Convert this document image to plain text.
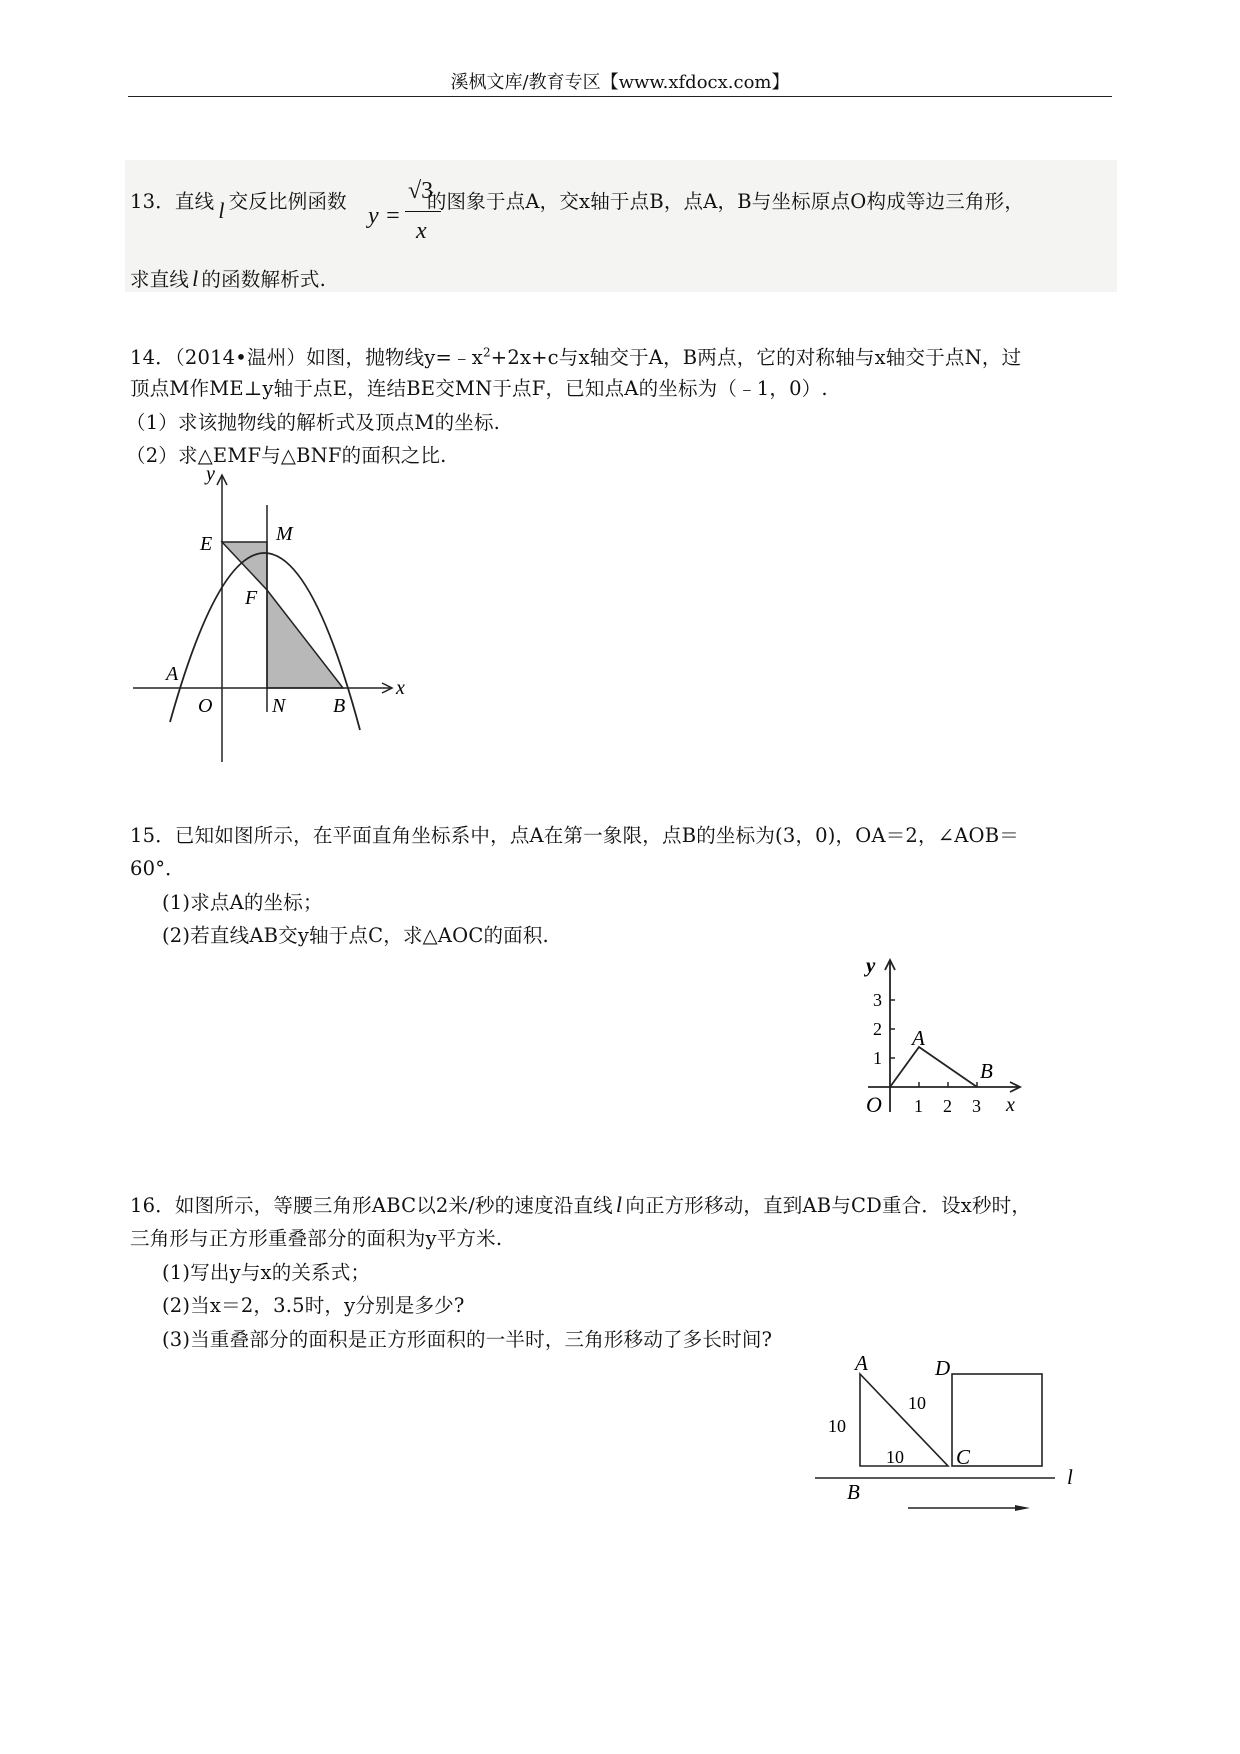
溪枫文库/教育专区【www.xfdocx.com】
13．直线 l 交反比例函数	的图象于点A，交x轴于点B，点A，B与坐标原点O构成等边三角形，
y =
√3
x
求直线 l 的函数解析式.
14．（2014•温州）如图，抛物线$y=﹣x^2+2x+c$与x轴交于A，B两点，它的对称轴与x轴交于点N，过
顶点M作ME⊥y轴于点E，连结BE交MN于点F，已知点A的坐标为（﹣1，0）.
（1）求该抛物线的解析式及顶点M的坐标.
（2）求△EMF与△BNF的面积之比.
y
x
E	M
F
A
O	N B
15．已知如图所示，在平面直角坐标系中，点A在第一象限，点B的坐标为(3，0)，OA＝2，∠AOB＝
60°．
(1)求点A的坐标；
(2)若直线AB交y轴于点C，求△AOC的面积.
y
x
O
A
B
1 2 3
1
2
3
16．如图所示，等腰三角形ABC以2米/秒的速度沿直线 l 向正方形移动，直到AB与CD重合．设x秒时，
三角形与正方形重叠部分的面积为y平方米.
(1)写出y与x的关系式；
(2)当x＝2，3.5时，y分别是多少?
(3)当重叠部分的面积是正方形面积的一半时，三角形移动了多长时间?
A
B
C
D
l
10
10
10
